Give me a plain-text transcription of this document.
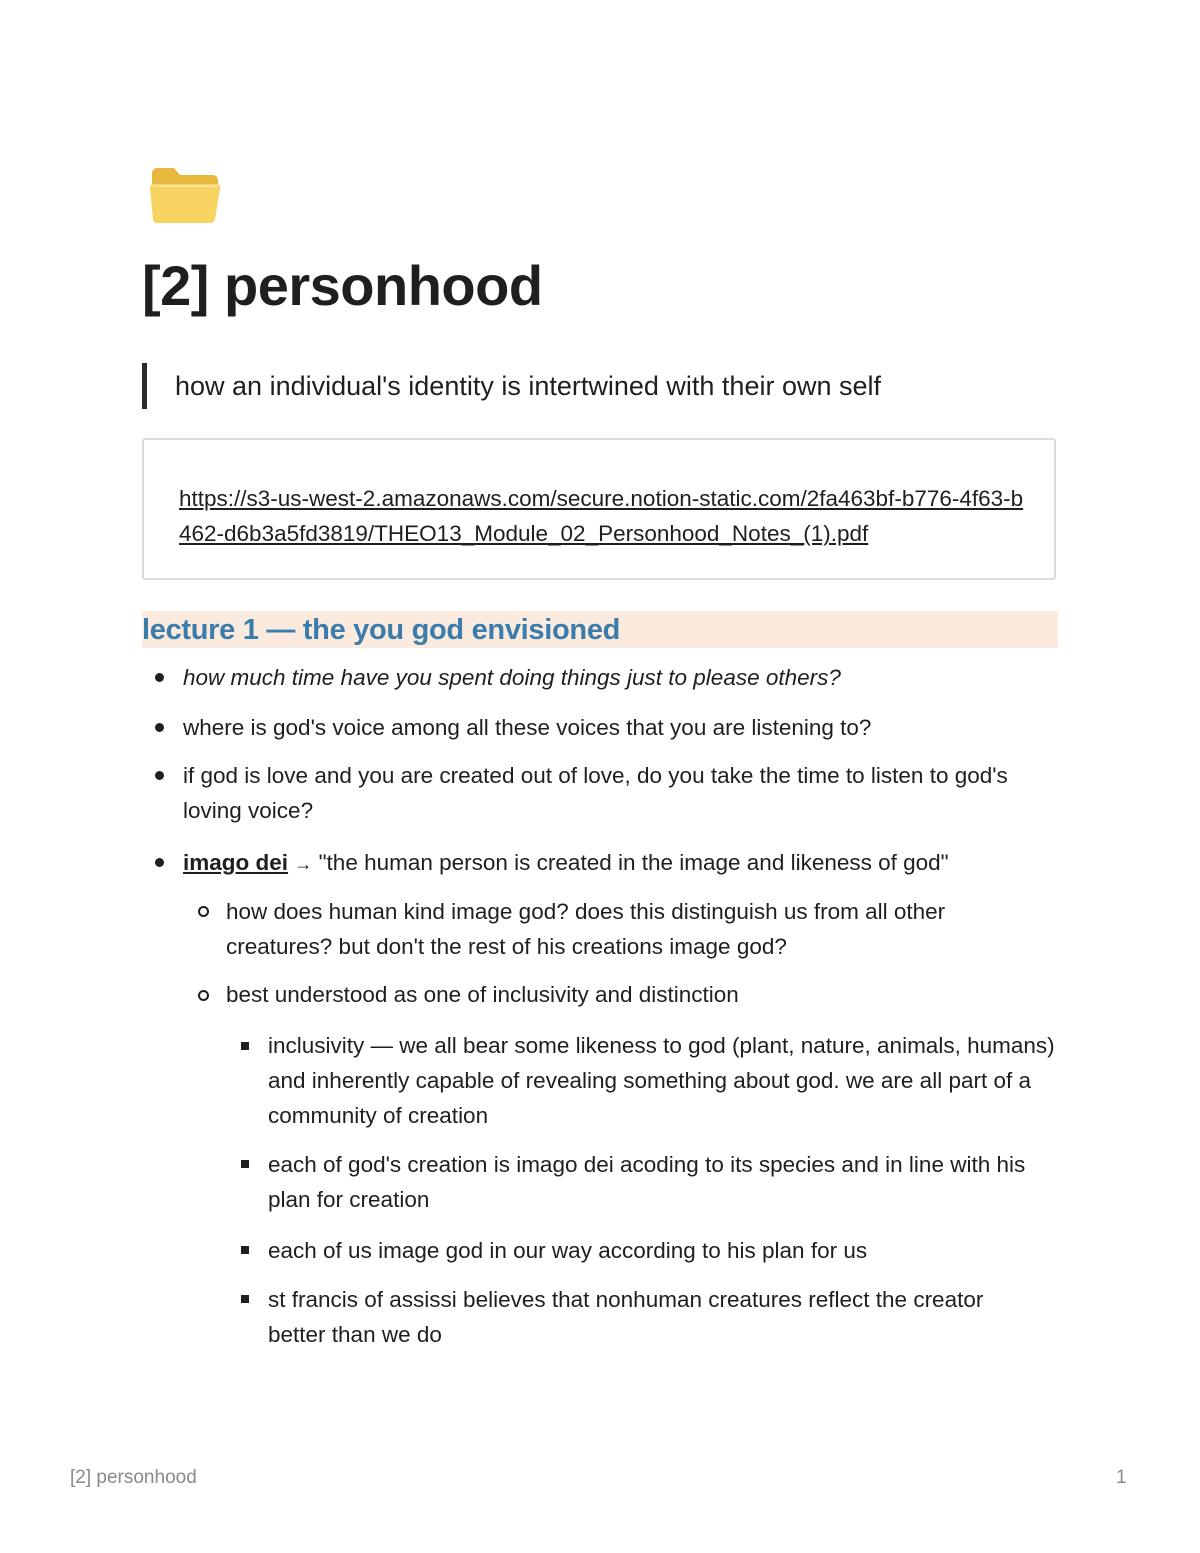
[2] personhood
how an individual's identity is intertwined with their own self
https://s3-us-west-2.amazonaws.com/secure.notion-static.com/2fa463bf-b776-4f63-b462-d6b3a5fd3819/THEO13_Module_02_Personhood_Notes_(1).pdf
lecture 1 — the you god envisioned
how much time have you spent doing things just to please others?
where is god's voice among all these voices that you are listening to?
if god is love and you are created out of love, do you take the time to listen to god's loving voice?
imago dei → "the human person is created in the image and likeness of god"
how does human kind image god? does this distinguish us from all other creatures? but don't the rest of his creations image god?
best understood as one of inclusivity and distinction
inclusivity — we all bear some likeness to god (plant, nature, animals, humans) and inherently capable of revealing something about god. we are all part of a community of creation
each of god's creation is imago dei acoding to its species and in line with his plan for creation
each of us image god in our way according to his plan for us
st francis of assissi believes that nonhuman creatures reflect the creator better than we do
[2] personhood	1
